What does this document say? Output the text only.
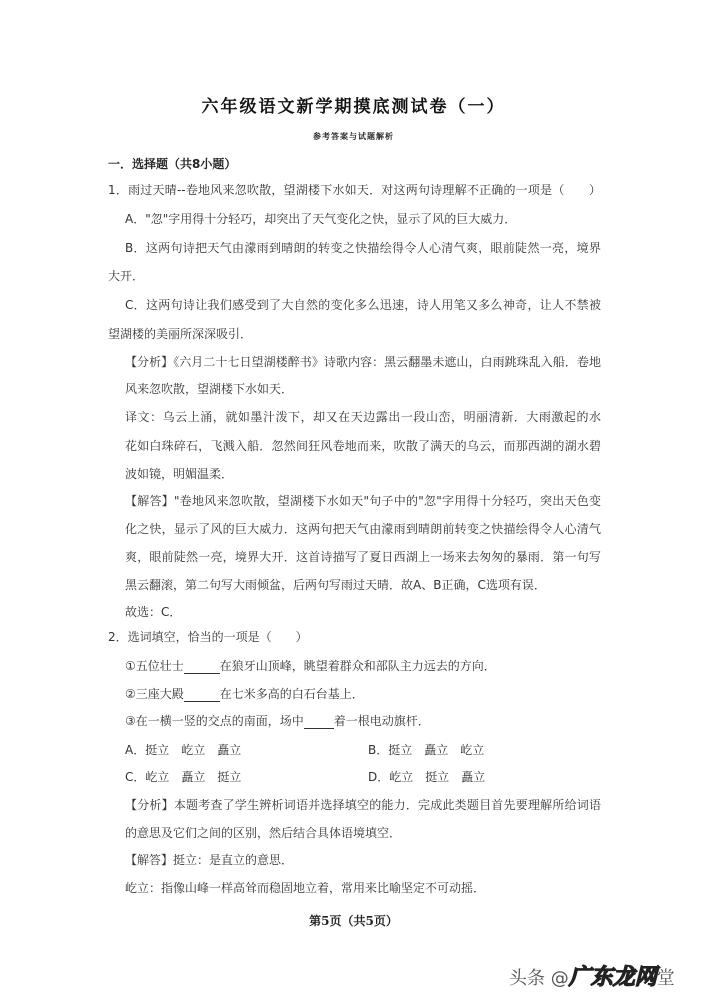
六年级语文新学期摸底测试卷（一）
参考答案与试题解析
一．选择题（共8小题）
1．雨过天晴--卷地风来忽吹散，望湖楼下水如天．对这两句诗理解不正确的一项是（　　）
A．"忽"字用得十分轻巧，却突出了天气变化之快，显示了风的巨大威力．
B．这两句诗把天气由濛雨到晴朗的转变之快描绘得令人心清气爽，眼前陡然一亮，境界
大开．
C．这两句诗让我们感受到了大自然的变化多么迅速，诗人用笔又多么神奇，让人不禁被
望湖楼的美丽所深深吸引．
【分析】《六月二十七日望湖楼醉书》诗歌内容：黑云翻墨未遮山，白雨跳珠乱入船．卷地
风来忽吹散，望湖楼下水如天．
译文：乌云上涌，就如墨汁泼下，却又在天边露出一段山峦，明丽清新．大雨激起的水
花如白珠碎石，飞溅入船．忽然间狂风卷地而来，吹散了满天的乌云，而那西湖的湖水碧
波如镜，明媚温柔．
【解答】"卷地风来忽吹散，望湖楼下水如天"句子中的"忽"字用得十分轻巧，突出天色变
化之快，显示了风的巨大威力．这两句把天气由濛雨到晴朗前转变之快描绘得令人心清气
爽，眼前陡然一亮，境界大开．这首诗描写了夏日西湖上一场来去匆匆的暴雨．第一句写
黑云翻滚，第二句写大雨倾盆，后两句写雨过天晴．故A、B正确，C选项有误．
故选：C．
2．选词填空，恰当的一项是（　　）
①五位壮士	在狼牙山顶峰，眺望着群众和部队主力远去的方向．
②三座大殿	在七米多高的白石台基上．
③在一横一竖的交点的南面，场中	着一根电动旗杆．
A．挺立　屹立　矗立	B．挺立　矗立　屹立
C．屹立　矗立　挺立	D．屹立　挺立　矗立
【分析】本题考查了学生辨析词语并选择填空的能力．完成此类题目首先要理解所给词语
的意思及它们之间的区别，然后结合具体语境填空．
【解答】挺立：是直立的意思．
屹立：指像山峰一样高耸而稳固地立着，常用来比喻坚定不可动摇．
第5页（共5页）
头条 @广东龙网堂
